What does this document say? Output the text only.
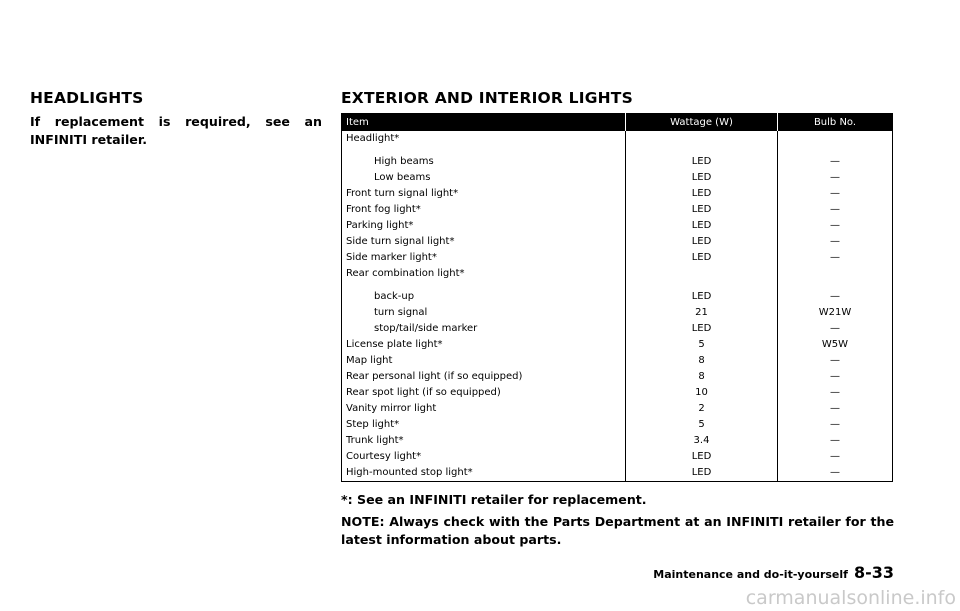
HEADLIGHTS

If replacement is required, see an INFINITI retailer.

EXTERIOR AND INTERIOR LIGHTS
Item	Wattage (W)	Bulb No.
Headlight*		
High beams	LED	—
Low beams	LED	—
Front turn signal light*	LED	—
Front fog light*	LED	—
Parking light*	LED	—
Side turn signal light*	LED	—
Side marker light*	LED	—
Rear combination light*		
back-up	LED	—
turn signal	21	W21W
stop/tail/side marker	LED	—
License plate light*	5	W5W
Map light	8	—
Rear personal light (if so equipped)	8	—
Rear spot light (if so equipped)	10	—
Vanity mirror light	2	—
Step light*	5	—
Trunk light*	3.4	—
Courtesy light*	LED	—
High-mounted stop light*	LED	—

*: See an INFINITI retailer for replacement.

NOTE: Always check with the Parts Department at an INFINITI retailer for the latest information about parts.

Maintenance and do-it-yourself 8-33
carmanualsonline.info
